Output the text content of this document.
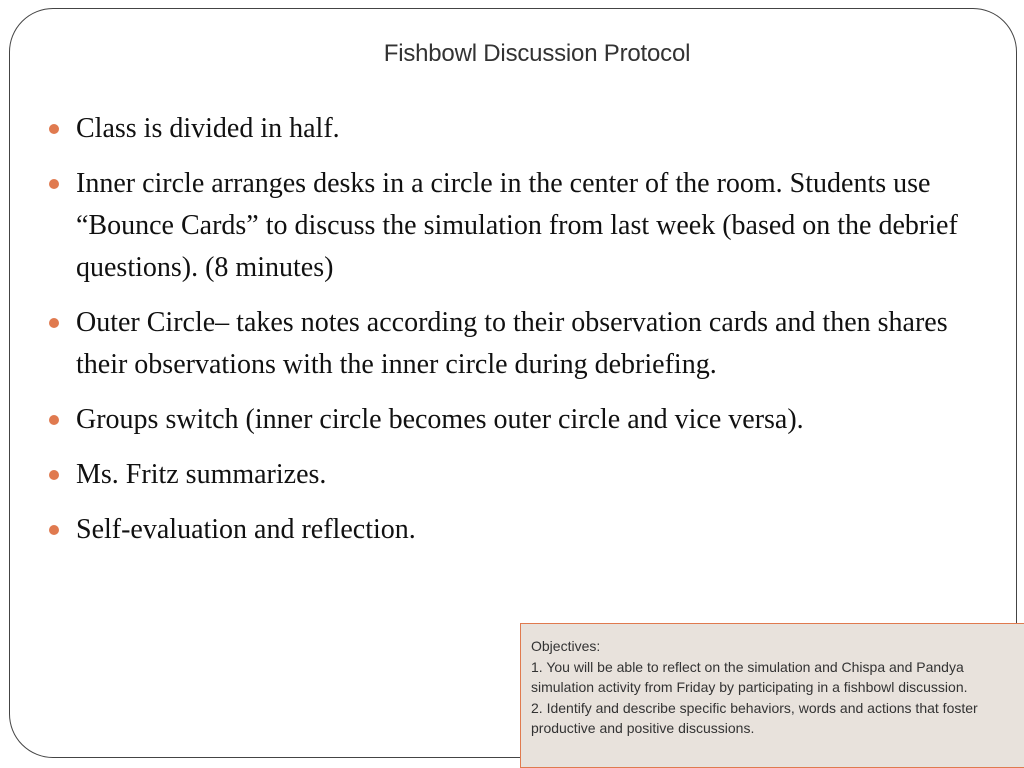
Fishbowl Discussion Protocol
Class is divided in half.
Inner circle arranges desks in a circle in the center of the room. Students use “Bounce Cards” to discuss the simulation from last week (based on the debrief questions). (8 minutes)
Outer Circle– takes notes according to their observation cards and then shares their observations with the inner circle during debriefing.
Groups switch (inner circle becomes outer circle and vice versa).
Ms. Fritz summarizes.
Self-evaluation and reflection.
Objectives:
1. You will be able to reflect on the simulation and Chispa and Pandya simulation activity from Friday by participating in a fishbowl discussion.
2. Identify and describe specific behaviors, words and actions that foster productive and positive discussions.
